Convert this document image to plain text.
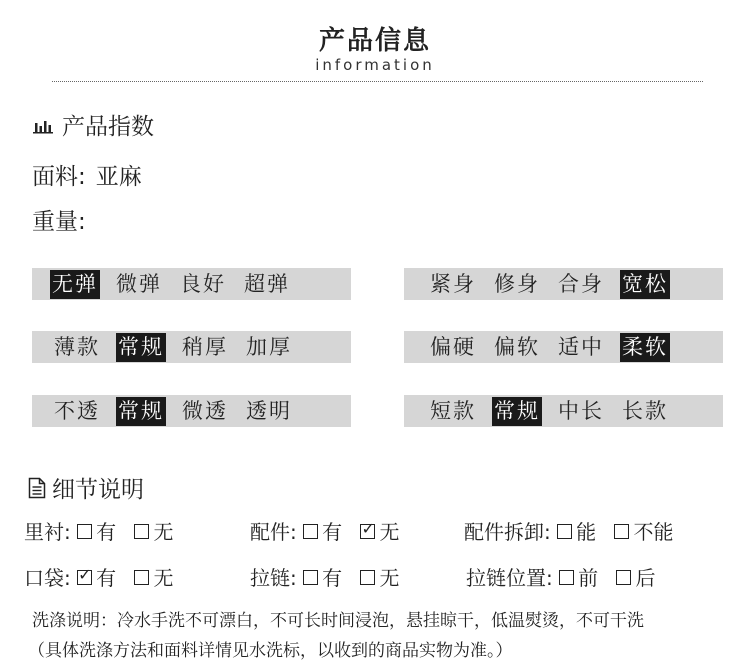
产品信息
information
产品指数
面料: 亚麻
重量:
无弹 微弹 良好 超弹	紧身 修身 合身 宽松
薄款 常规 稍厚 加厚	偏硬 偏软 适中 柔软
不透 常规 微透 透明	短款 常规 中长 长款
细节说明
里衬: 有 无	配件: 有 ✓ 无	配件拆卸: 能 不能
口袋: ✓ 有 无	拉链: 有 无	拉链位置: 前 后
洗涤说明：冷水手洗不可漂白，不可长时间浸泡，悬挂晾干，低温熨烫，不可干洗
（具体洗涤方法和面料详情见水洗标，以收到的商品实物为准。）
